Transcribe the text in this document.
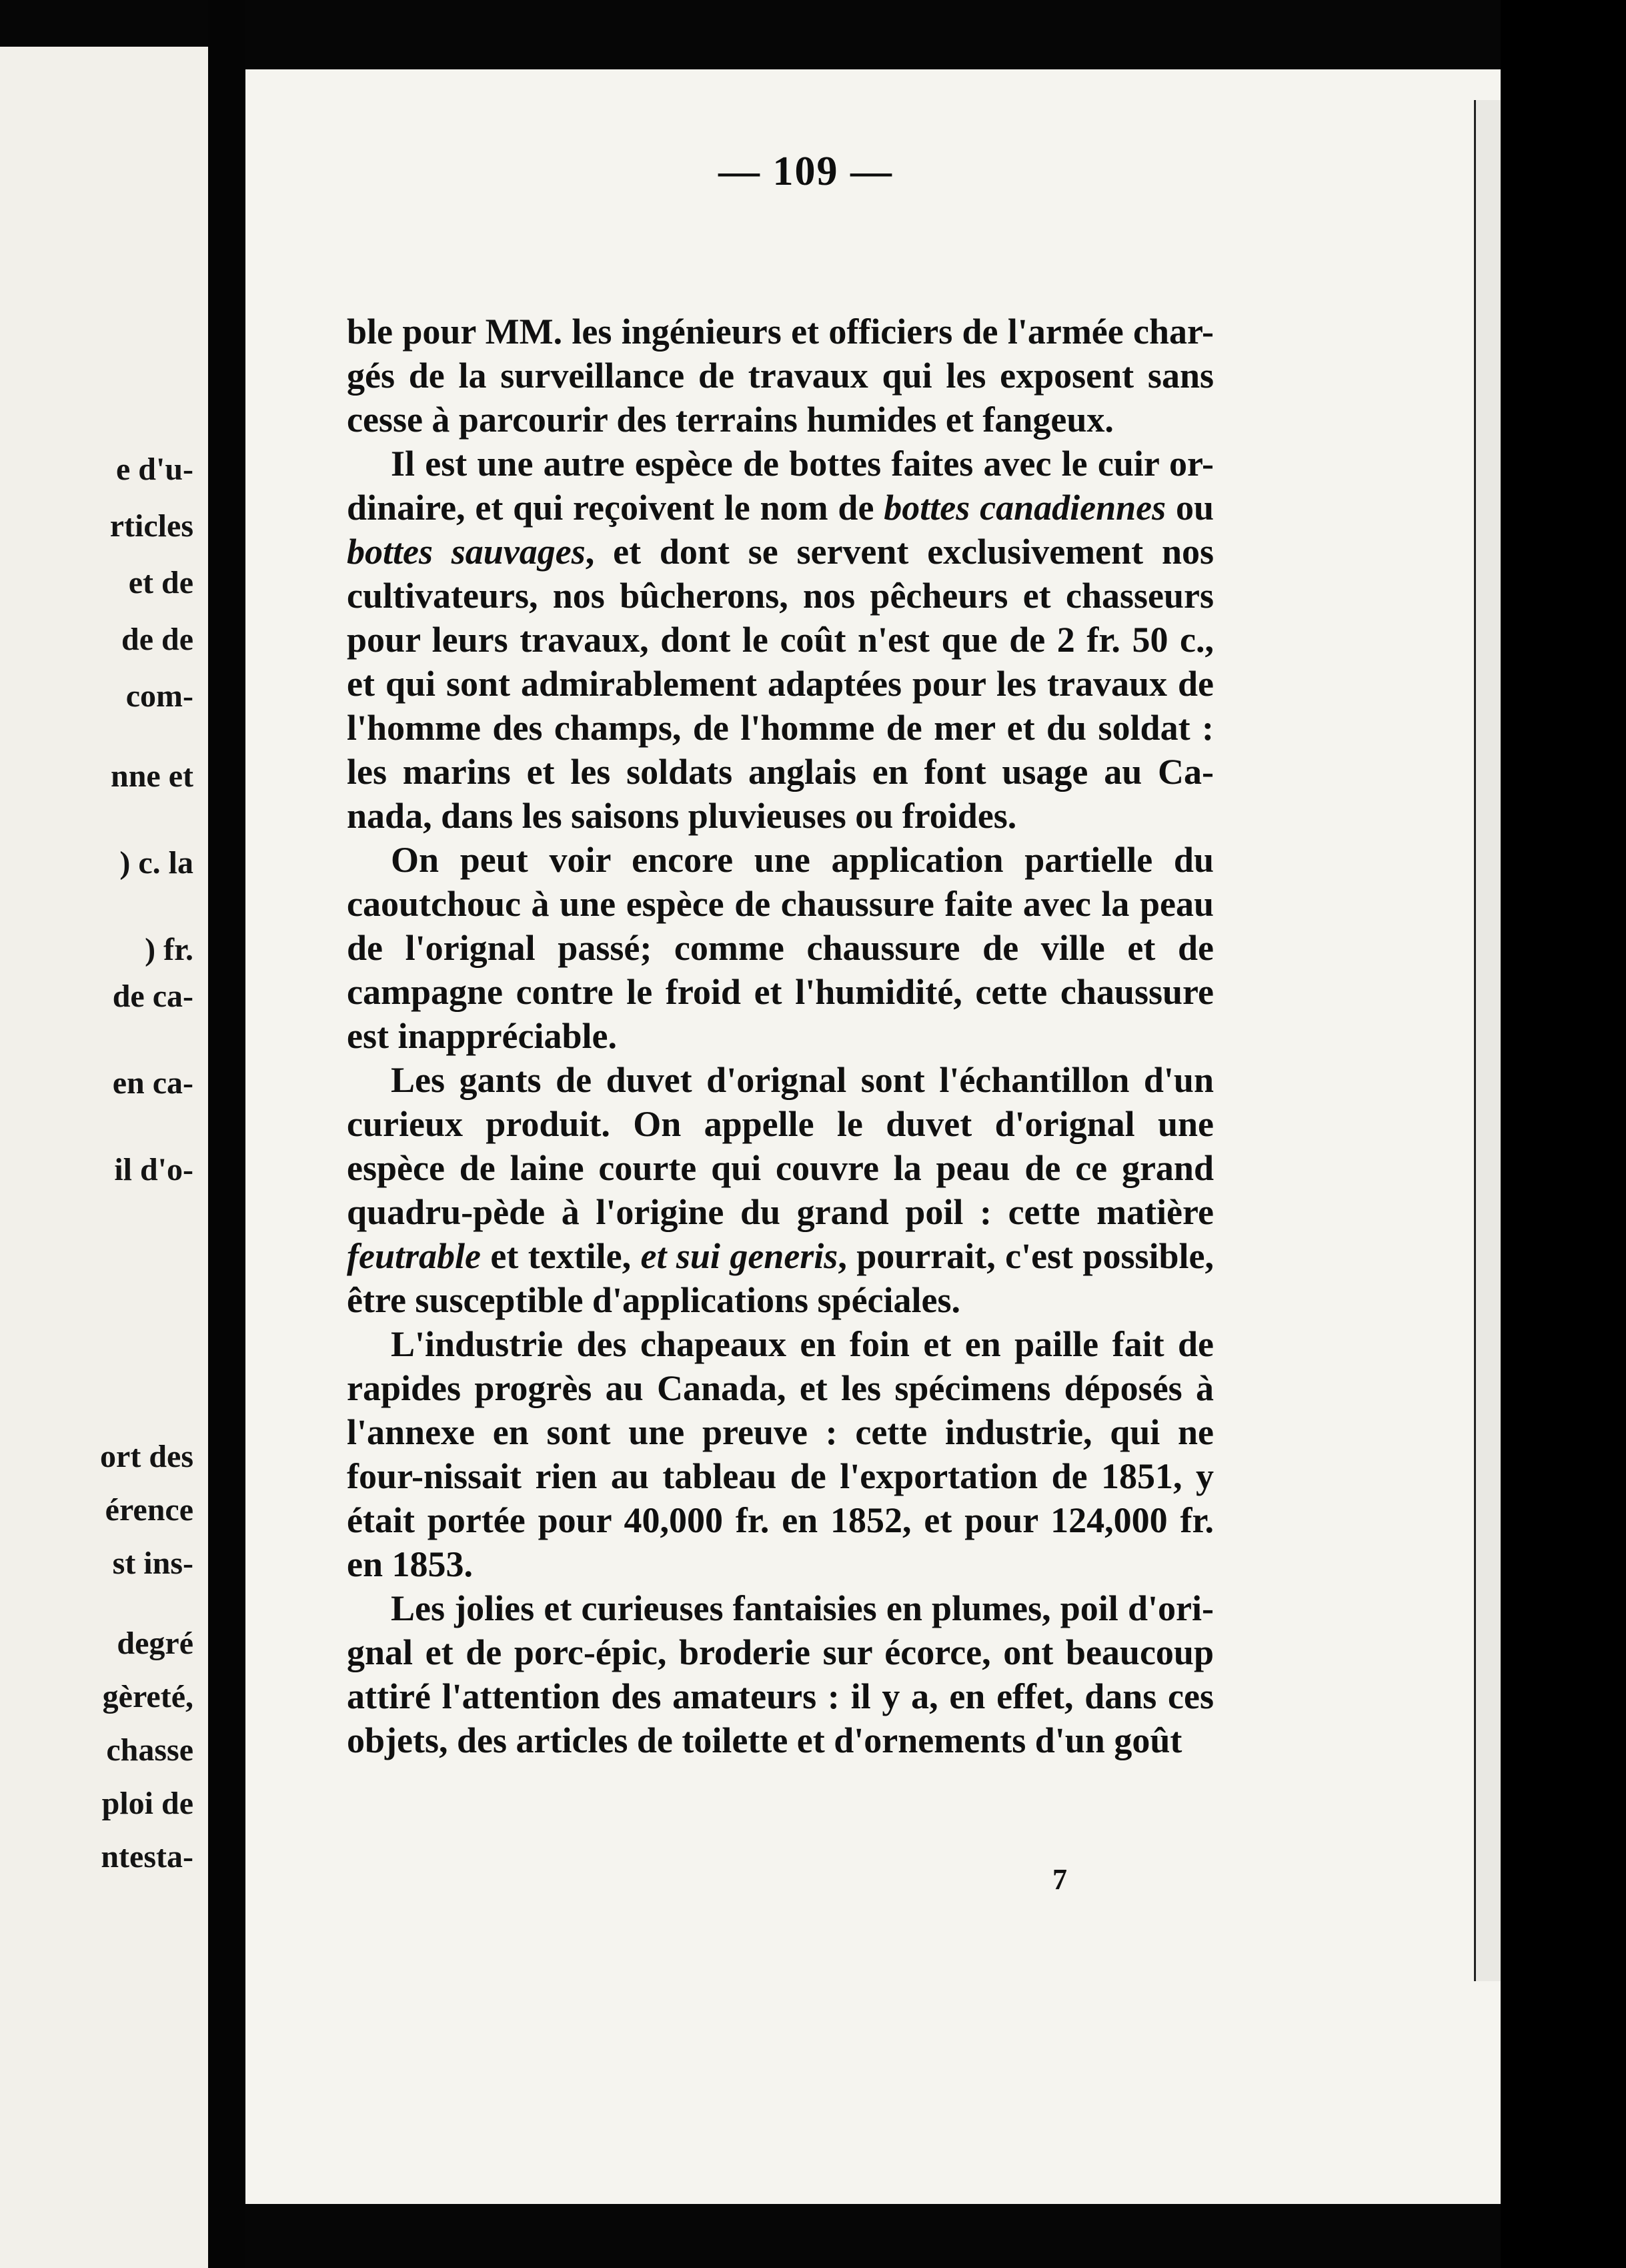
e d'u-
rticles
et de
de de
com-
nne et
) c. la
) fr.
de ca-
en ca-
il d'o-
ort des
érence
st ins-
degré
gèreté,
chasse
ploi de
ntesta-
— 109 —

ble pour MM. les ingénieurs et officiers de l'armée char-gés de la surveillance de travaux qui les exposent sans cesse à parcourir des terrains humides et fangeux.

Il est une autre espèce de bottes faites avec le cuir or-dinaire, et qui reçoivent le nom de bottes canadiennes ou bottes sauvages, et dont se servent exclusivement nos cultivateurs, nos bûcherons, nos pêcheurs et chasseurs pour leurs travaux, dont le coût n'est que de 2 fr. 50 c., et qui sont admirablement adaptées pour les travaux de l'homme des champs, de l'homme de mer et du soldat : les marins et les soldats anglais en font usage au Ca-nada, dans les saisons pluvieuses ou froides.

On peut voir encore une application partielle du caoutchouc à une espèce de chaussure faite avec la peau de l'orignal passé; comme chaussure de ville et de campagne contre le froid et l'humidité, cette chaussure est inappréciable.

Les gants de duvet d'orignal sont l'échantillon d'un curieux produit. On appelle le duvet d'orignal une espèce de laine courte qui couvre la peau de ce grand quadru-pède à l'origine du grand poil : cette matière feutrable et textile, et sui generis, pourrait, c'est possible, être susceptible d'applications spéciales.

L'industrie des chapeaux en foin et en paille fait de rapides progrès au Canada, et les spécimens déposés à l'annexe en sont une preuve : cette industrie, qui ne four-nissait rien au tableau de l'exportation de 1851, y était portée pour 40,000 fr. en 1852, et pour 124,000 fr. en 1853.

Les jolies et curieuses fantaisies en plumes, poil d'ori-gnal et de porc-épic, broderie sur écorce, ont beaucoup attiré l'attention des amateurs : il y a, en effet, dans ces objets, des articles de toilette et d'ornements d'un goût

7
